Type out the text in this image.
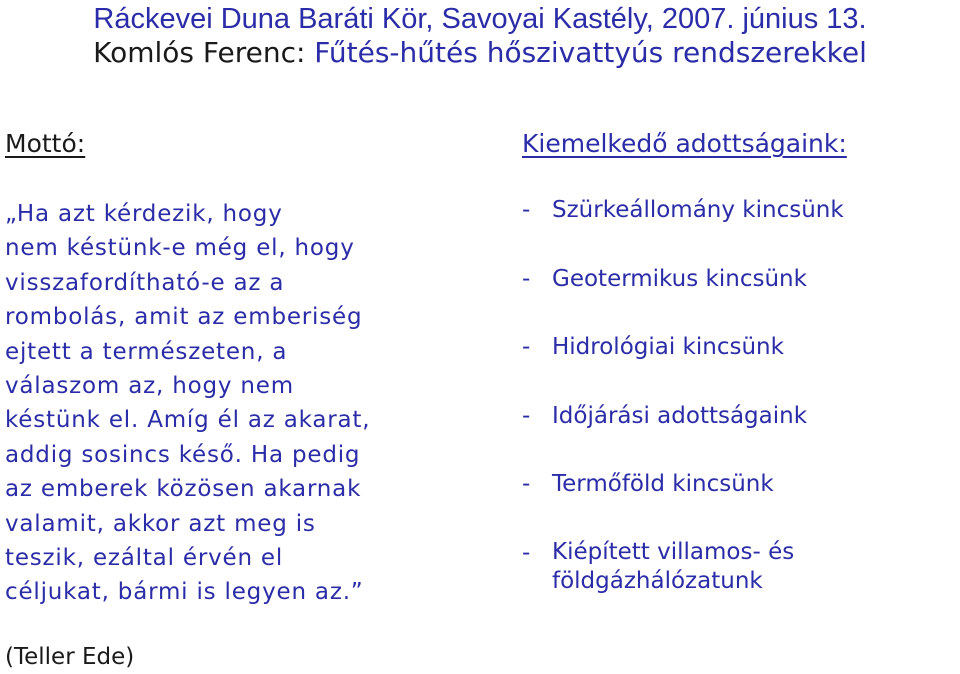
Ráckevei Duna Baráti Kör, Savoyai Kastély, 2007. június 13.
Komlós Ferenc: Fűtés-hűtés hőszivattyús rendszerekkel
Mottó:
„Ha azt kérdezik, hogy
nem késtünk-e még el, hogy
visszafordítható-e az a
rombolás, amit az emberiség
ejtett a természeten, a
válaszom az, hogy nem
késtünk el. Amíg él az akarat,
addig sosincs késő. Ha pedig
az emberek közösen akarnak
valamit, akkor azt meg is
teszik, ezáltal érvén el
céljukat, bármi is legyen az.”
(Teller Ede)
Kiemelkedő adottságaink:
- Szürkeállomány kincsünk
- Geotermikus kincsünk
- Hidrológiai kincsünk
- Időjárási adottságaink
- Termőföld kincsünk
- Kiépített villamos- és földgázhálózatunk
